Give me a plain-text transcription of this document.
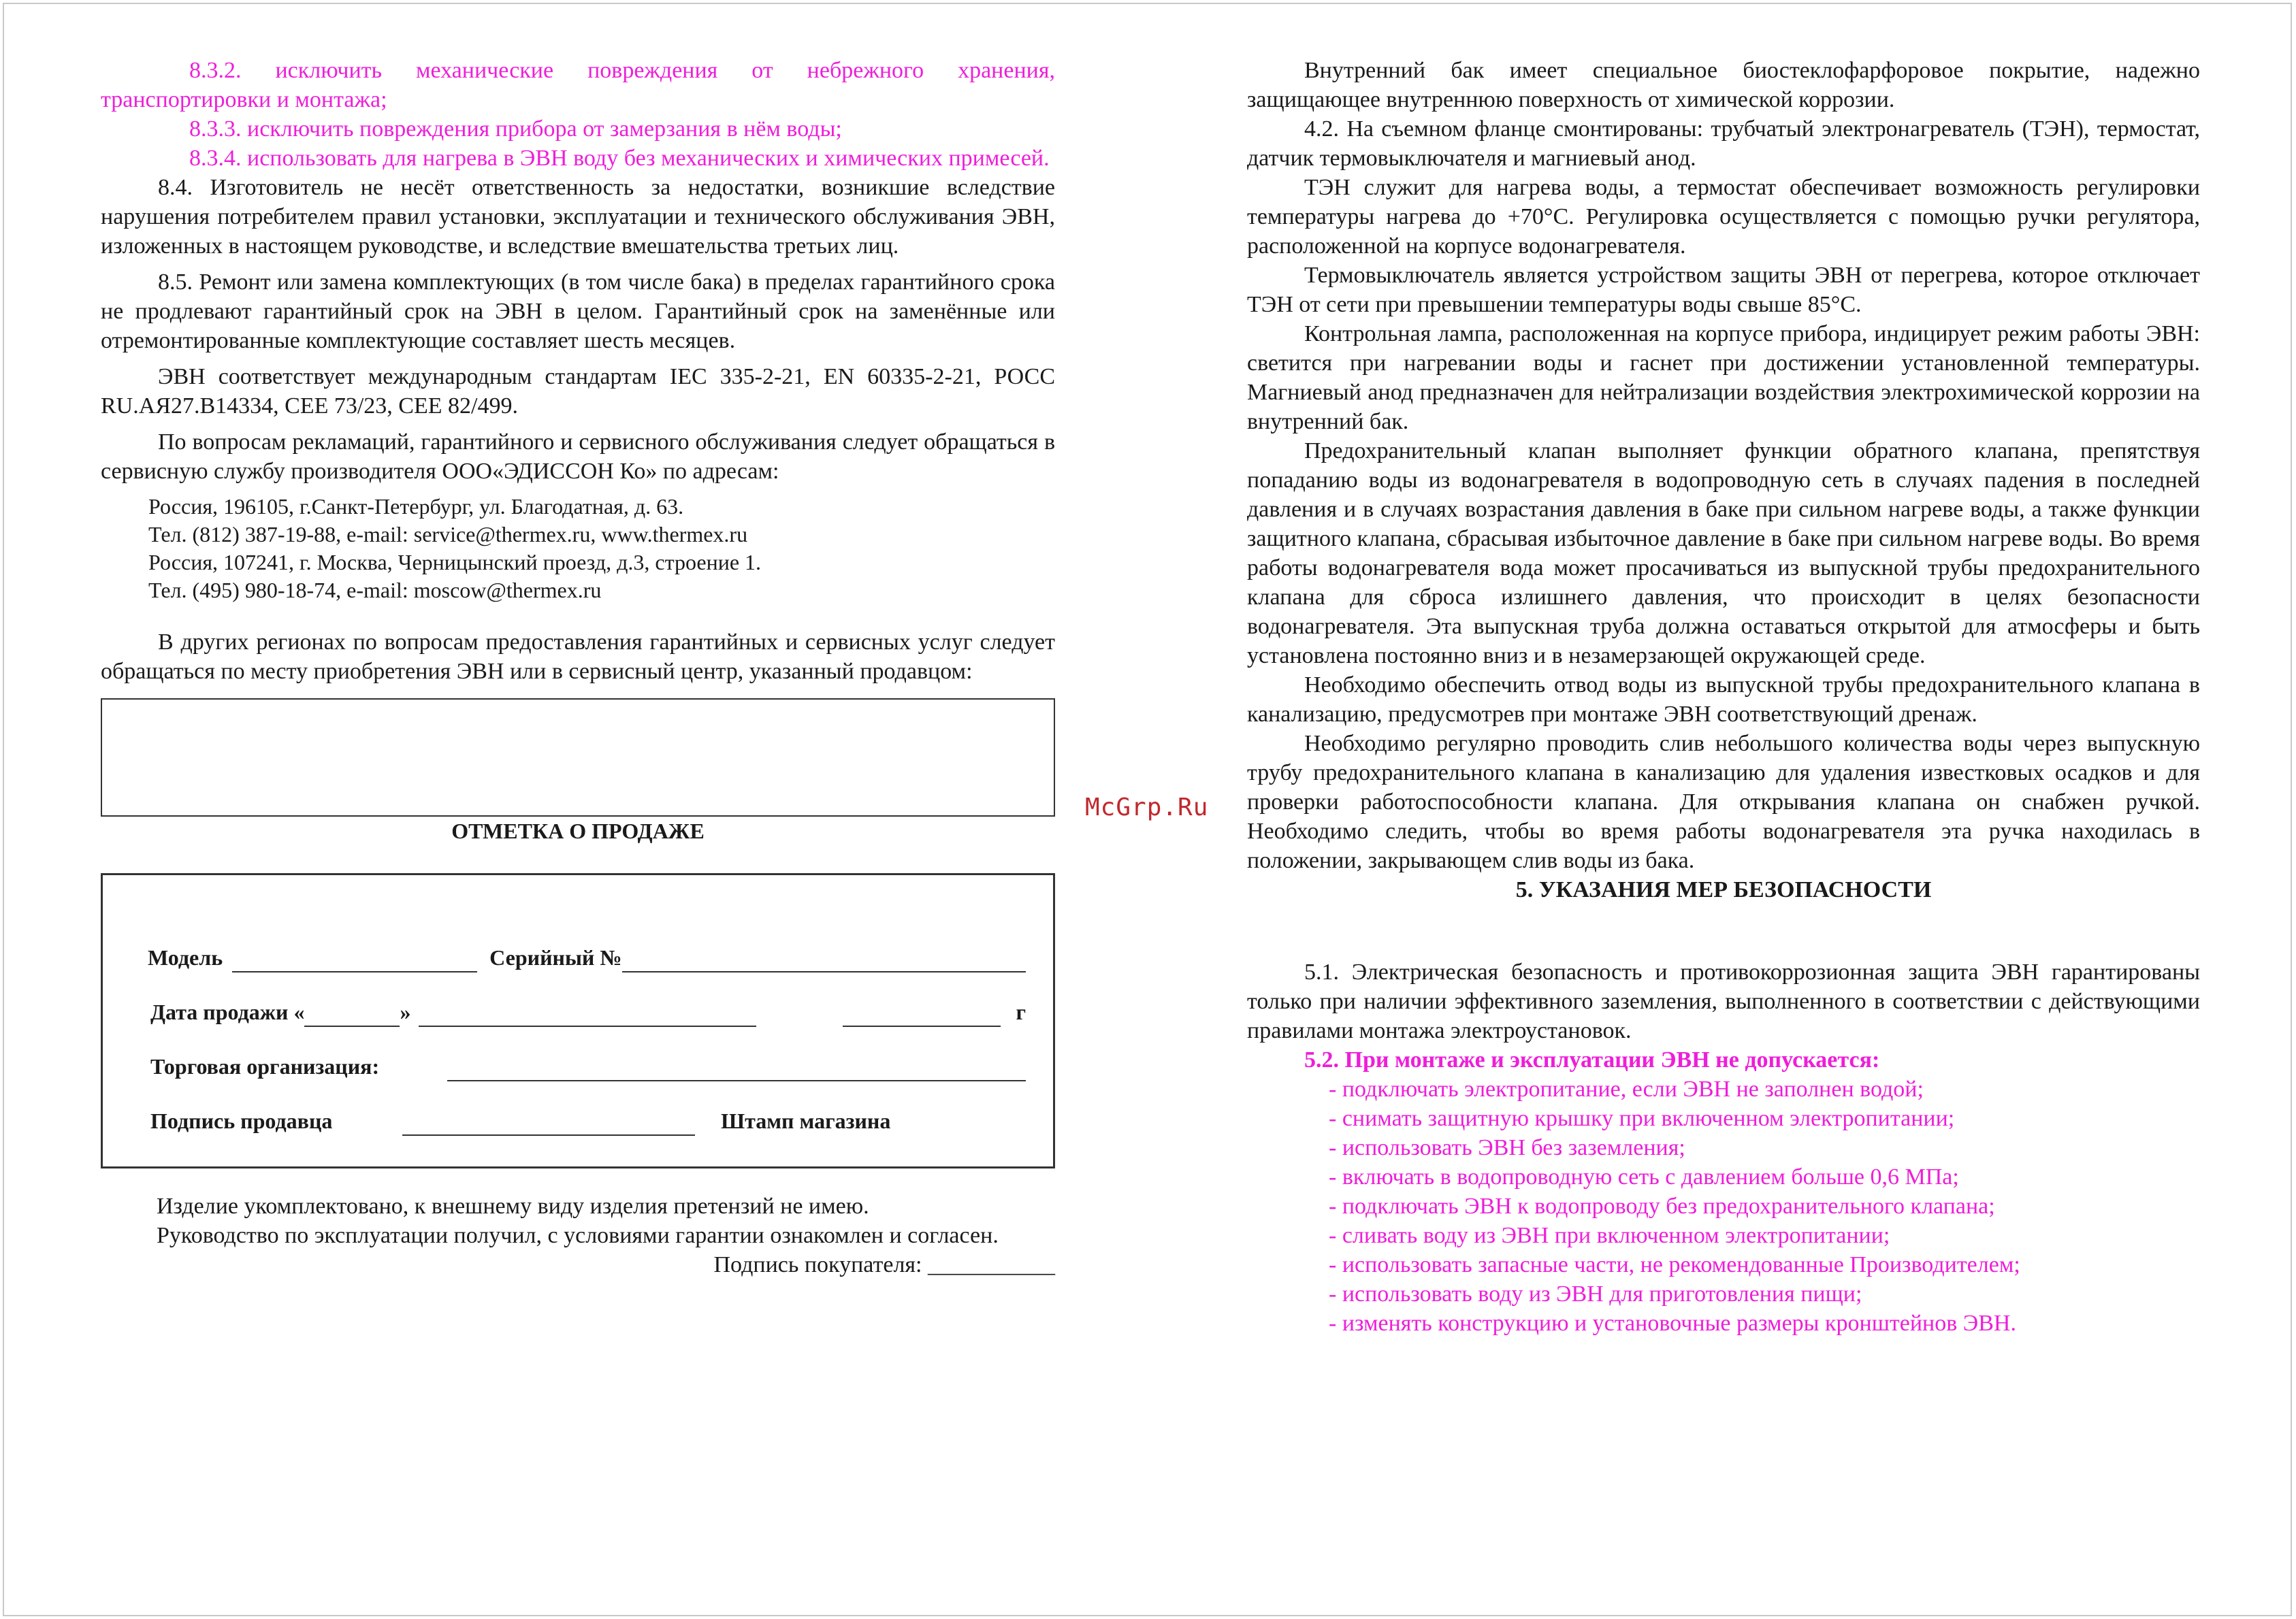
8.3.2. исключить механические повреждения от небрежного хранения, транспортировки и монтажа;

8.3.3. исключить повреждения прибора от замерзания в нём воды;

8.3.4. использовать для нагрева в ЭВН воду без механических и химических примесей.

8.4. Изготовитель не несёт ответственность за недостатки, возникшие вследствие нарушения потребителем правил установки, эксплуатации и технического обслуживания ЭВН, изложенных в настоящем руководстве, и вследствие вмешательства третьих лиц.

8.5. Ремонт или замена комплектующих (в том числе бака) в пределах гарантийного срока не продлевают гарантийный срок на ЭВН в целом. Гарантийный срок на заменённые или отремонтированные комплектующие составляет шесть месяцев.

ЭВН соответствует международным стандартам IEC 335-2-21, EN 60335-2-21, РОСС RU.АЯ27.В14334, CEE 73/23, CEE 82/499.

По вопросам рекламаций, гарантийного и сервисного обслуживания следует обращаться в сервисную службу производителя ООО«ЭДИССОН Ко» по адресам:

Россия, 196105, г.Санкт-Петербург, ул. Благодатная, д. 63.

Тел. (812) 387-19-88, e-mail: service@thermex.ru, www.thermex.ru

Россия, 107241, г. Москва, Черницынский проезд, д.3, строение 1.

Тел. (495) 980-18-74, e-mail: moscow@thermex.ru

В других регионах по вопросам предоставления гарантийных и сервисных услуг следует обращаться по месту приобретения ЭВН или в сервисный центр, указанный продавцом:

ОТМЕТКА О ПРОДАЖЕ

Модель	Серийный №
Дата продажи «	»	г
Торговая организация:
Подпись продавца	Штамп магазина

Изделие укомплектовано, к внешнему виду изделия претензий не имею.

Руководство по эксплуатации получил, с условиями гарантии ознакомлен и согласен.

Подпись покупателя: ___________

McGrp.Ru

Внутренний бак имеет специальное биостеклофарфоровое покрытие, надежно защищающее внутреннюю поверхность от химической коррозии.

4.2. На съемном фланце смонтированы: трубчатый электронагреватель (ТЭН), термостат, датчик термовыключателя и магниевый анод.

ТЭН служит для нагрева воды, а термостат обеспечивает возможность регулировки температуры нагрева до +70°С. Регулировка осуществляется с помощью ручки регулятора, расположенной на корпусе водонагревателя.

Термовыключатель является устройством защиты ЭВН от перегрева, которое отключает ТЭН от сети при превышении температуры воды свыше 85°С.

Контрольная лампа, расположенная на корпусе прибора, индицирует режим работы ЭВН: светится при нагревании воды и гаснет при достижении установленной температуры. Магниевый анод предназначен для нейтрализации воздействия электрохимической коррозии на внутренний бак.

Предохранительный клапан выполняет функции обратного клапана, препятствуя попаданию воды из водонагревателя в водопроводную сеть в случаях падения в последней давления и в случаях возрастания давления в баке при сильном нагреве воды, а также функции защитного клапана, сбрасывая избыточное давление в баке при сильном нагреве воды. Во время работы водонагревателя вода может просачиваться из выпускной трубы предохранительного клапана для сброса излишнего давления, что происходит в целях безопасности водонагревателя. Эта выпускная труба должна оставаться открытой для атмосферы и быть установлена постоянно вниз и в незамерзающей окружающей среде.

Необходимо обеспечить отвод воды из выпускной трубы предохранительного клапана в канализацию, предусмотрев при монтаже ЭВН соответствующий дренаж.

Необходимо регулярно проводить слив небольшого количества воды через выпускную трубу предохранительного клапана в канализацию для удаления известковых осадков и для проверки работоспособности клапана. Для открывания клапана он снабжен ручкой. Необходимо следить, чтобы во время работы водонагревателя эта ручка находилась в положении, закрывающем слив воды из бака.

5. УКАЗАНИЯ МЕР БЕЗОПАСНОСТИ

5.1. Электрическая безопасность и противокоррозионная защита ЭВН гарантированы только при наличии эффективного заземления, выполненного в соответствии с действующими правилами монтажа электроустановок.

5.2. При монтаже и эксплуатации ЭВН не допускается:

- подключать электропитание, если ЭВН не заполнен водой;
- снимать защитную крышку при включенном электропитании;
- использовать ЭВН без заземления;
- включать в водопроводную сеть с давлением больше 0,6 МПа;
- подключать ЭВН к водопроводу без предохранительного клапана;
- сливать воду из ЭВН при включенном электропитании;
- использовать запасные части, не рекомендованные Производителем;
- использовать воду из ЭВН для приготовления пищи;
- изменять конструкцию и установочные размеры кронштейнов ЭВН.
